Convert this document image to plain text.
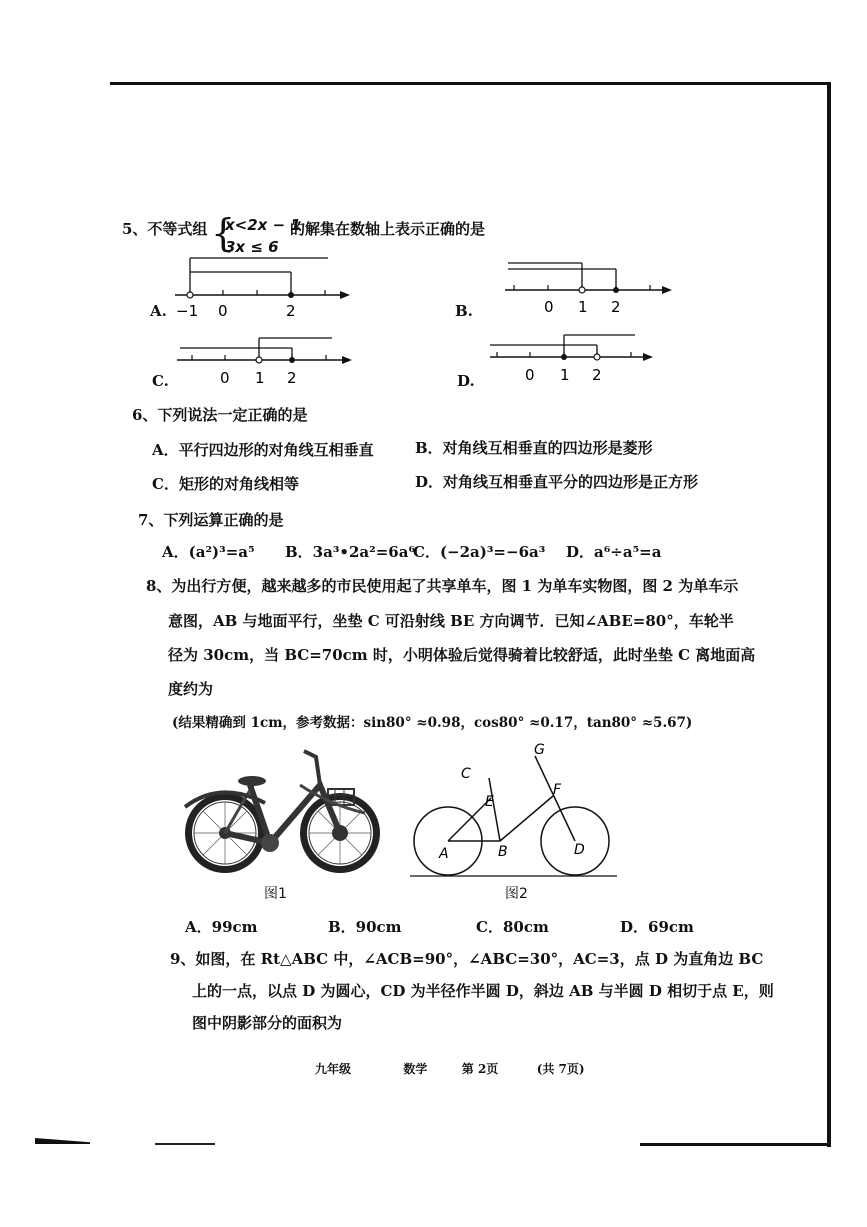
5、不等式组 {
x<2x − 1
3x ≤ 6
的解集在数轴上表示正确的是
A. −1 0	2	B.	0 1 2
C.	0 1 2	D.	0 1 2
6、下列说法一定正确的是
A．平行四边形的对角线互相垂直	B．对角线互相垂直的四边形是菱形
C．矩形的对角线相等	D．对角线互相垂直平分的四边形是正方形
7、下列运算正确的是
A．(a²)³=a⁵ B．3a³•2a²=6a⁶
C．(−2a)³=−6a³ D．a⁶÷a⁵=a
8、为出行方便，越来越多的市民使用起了共享单车，图 1 为单车实物图，图 2 为单车示
意图，AB 与地面平行，坐垫 C 可沿射线 BE 方向调节．已知∠ABE=80°，车轮半
径为 30cm，当 BC=70cm 时，小明体验后觉得骑着比较舒适，此时坐垫 C 离地面高
度约为
(结果精确到 1cm，参考数据：sin80° ≈0.98，cos80° ≈0.17，tan80° ≈5.67)
图1
A	B
C
D
E
F
G
图2
A．99cm	B．90cm	C．80cm	D．69cm
9、如图，在 Rt△ABC 中，∠ACB=90°，∠ABC=30°，AC=3，点 D 为直角边 BC
上的一点，以点 D 为圆心，CD 为半径作半圆 D，斜边 AB 与半圆 D 相切于点 E，则
图中阴影部分的面积为
九年级	数学	第 2页	(共 7页)
